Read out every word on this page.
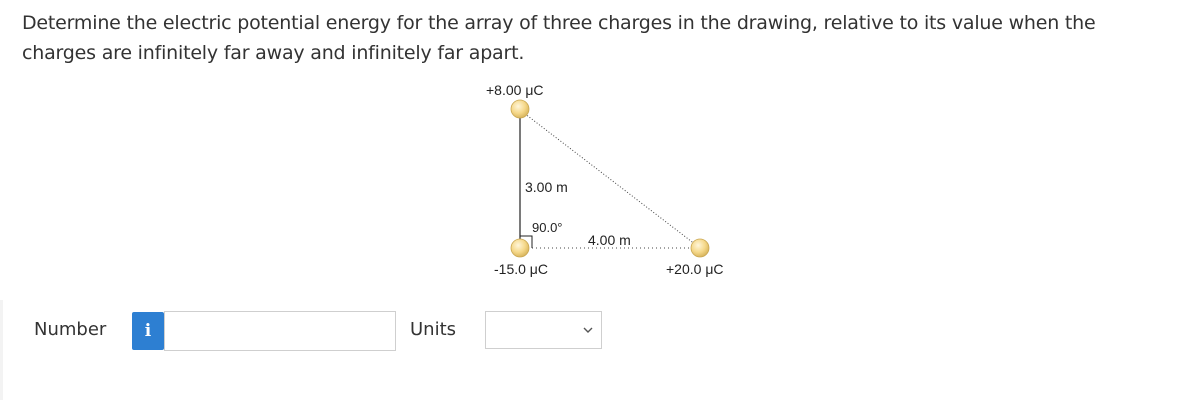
Determine the electric potential energy for the array of three charges in the drawing, relative to its value when the charges are infinitely far away and infinitely far apart.
+8.00 μC
3.00 m
90.0°
4.00 m
-15.0 μC	+20.0 μC
Number	i	Units
